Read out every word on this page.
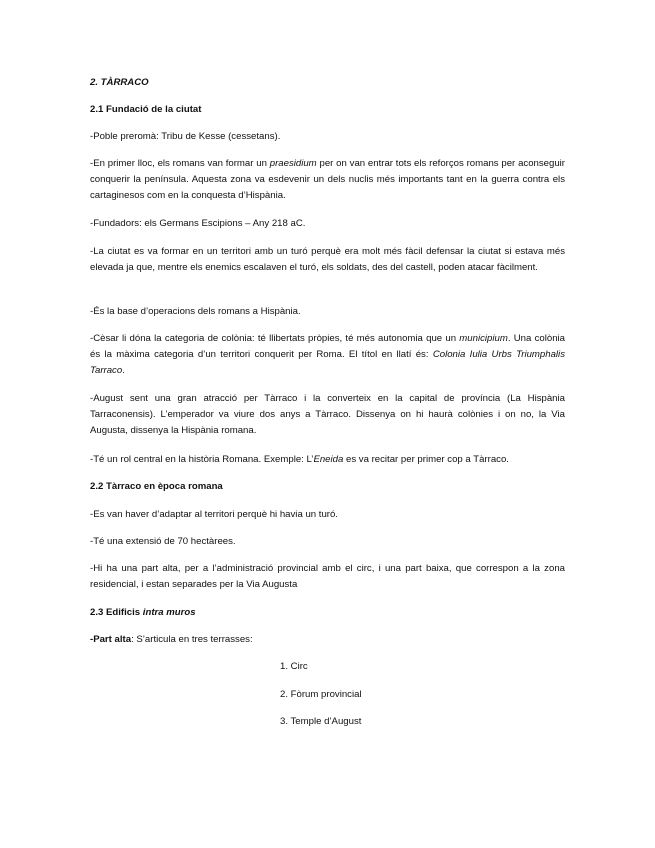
2. TÀRRACO
2.1 Fundació de la ciutat
-Poble preromà: Tribu de Kesse (cessetans).
-En primer lloc, els romans van formar un praesidium per on van entrar tots els reforços romans per aconseguir conquerir la península. Aquesta zona va esdevenir un dels nuclis més importants tant en la guerra contra els cartaginesos com en la conquesta d’Hispània.
-Fundadors: els Germans Escipions – Any 218 aC.
-La ciutat es va formar en un territori amb un turó perquè era molt més fàcil defensar la ciutat si estava més elevada ja que, mentre els enemics escalaven el turó, els soldats, des del castell, poden atacar fàcilment.
-És la base d’operacions dels romans a Hispània.
-Cèsar li dóna la categoria de colònia: té llibertats pròpies, té més autonomia que un municipium. Una colònia és la màxima categoria d’un territori conquerit per Roma. El títol en llatí és: Colonia Iulia Urbs Triumphalis Tarraco.
-August sent una gran atracció per Tàrraco i la converteix en la capital de província (La Hispània Tarraconensis). L’emperador va viure dos anys a Tàrraco. Dissenya on hi haurà colònies i on no, la Via Augusta, dissenya la Hispània romana.
-Té un rol central en la història Romana. Exemple: L’Eneida es va recitar per primer cop a Tàrraco.
2.2 Tàrraco en època romana
-Es van haver d’adaptar al territori perquè hi havia un turó.
-Té una extensió de 70 hectàrees.
-Hi ha una part alta, per a l’administració provincial amb el circ, i una part baixa, que correspon a la zona residencial, i estan separades per la Via Augusta
2.3 Edificis intra muros
-Part alta: S’articula en tres terrasses:
1. Circ
2. Fòrum provincial
3. Temple d’August
